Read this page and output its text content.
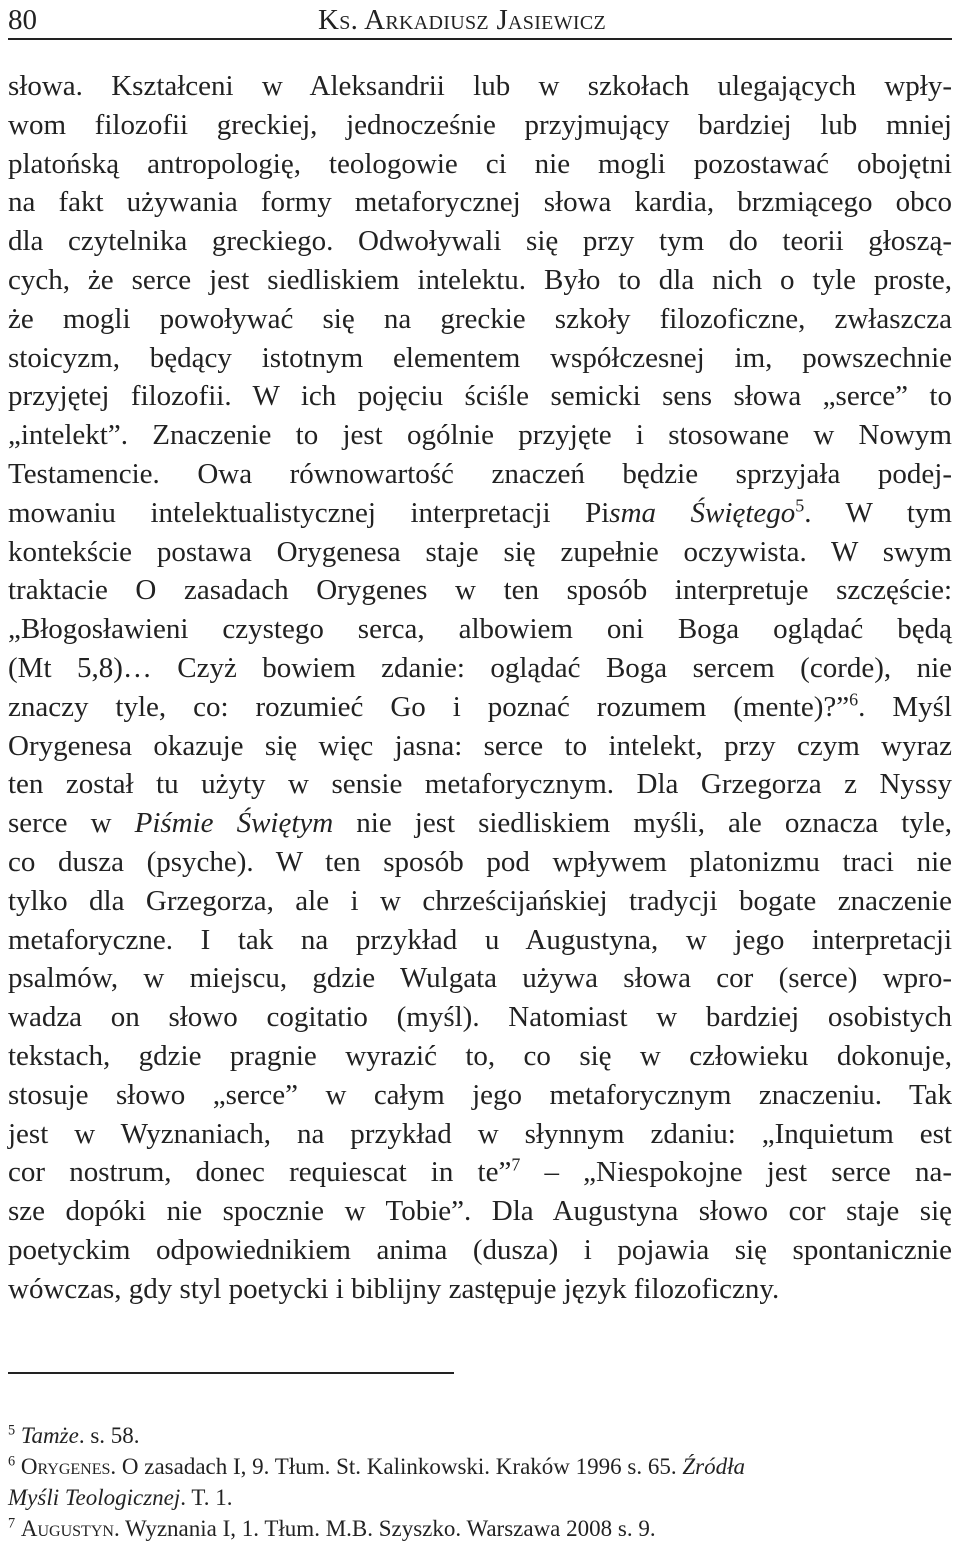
80	Ks. Arkadiusz Jasiewicz
słowa. Kształceni w Aleksandrii lub w szkołach ulegających wpły-
wom filozofii greckiej, jednocześnie przyjmujący bardziej lub mniej
platońską antropologię, teologowie ci nie mogli pozostawać obojętni
na fakt używania formy metaforycznej słowa kardia, brzmiącego obco
dla czytelnika greckiego. Odwoływali się przy tym do teorii głoszą-
cych, że serce jest siedliskiem intelektu. Było to dla nich o tyle proste,
że mogli powoływać się na greckie szkoły filozoficzne, zwłaszcza
stoicyzm, będący istotnym elementem współczesnej im, powszechnie
przyjętej filozofii. W ich pojęciu ściśle semicki sens słowa „serce” to
„intelekt”. Znaczenie to jest ogólnie przyjęte i stosowane w Nowym
Testamencie. Owa równowartość znaczeń będzie sprzyjała podej-
mowaniu intelektualistycznej interpretacji Pisma Świętego$^5$. W tym
kontekście postawa Orygenesa staje się zupełnie oczywista. W swym
traktacie O zasadach Orygenes w ten sposób interpretuje szczęście:
„Błogosławieni czystego serca, albowiem oni Boga oglądać będą
(Mt 5,8)… Czyż bowiem zdanie: oglądać Boga sercem (corde), nie
znaczy tyle, co: rozumieć Go i poznać rozumem (mente)?”$^6$. Myśl
Orygenesa okazuje się więc jasna: serce to intelekt, przy czym wyraz
ten został tu użyty w sensie metaforycznym. Dla Grzegorza z Nyssy
serce w Piśmie Świętym nie jest siedliskiem myśli, ale oznacza tyle,
co dusza (psyche). W ten sposób pod wpływem platonizmu traci nie
tylko dla Grzegorza, ale i w chrześcijańskiej tradycji bogate znaczenie
metaforyczne. I tak na przykład u Augustyna, w jego interpretacji
psalmów, w miejscu, gdzie Wulgata używa słowa cor (serce) wpro-
wadza on słowo cogitatio (myśl). Natomiast w bardziej osobistych
tekstach, gdzie pragnie wyrazić to, co się w człowieku dokonuje,
stosuje słowo „serce” w całym jego metaforycznym znaczeniu. Tak
jest w Wyznaniach, na przykład w słynnym zdaniu: „Inquietum est
cor nostrum, donec requiescat in te”$^7$ – „Niespokojne jest serce na-
sze dopóki nie spocznie w Tobie”. Dla Augustyna słowo cor staje się
poetyckim odpowiednikiem anima (dusza) i pojawia się spontanicznie
wówczas, gdy styl poetycki i biblijny zastępuje język filozoficzny.
$^5$ Tamże. s. 58.
$^6$ Orygenes. O zasadach I, 9. Tłum. St. Kalinkowski. Kraków 1996 s. 65. Źródła
Myśli Teologicznej. T. 1.
$^7$ Augustyn. Wyznania I, 1. Tłum. M.B. Szyszko. Warszawa 2008 s. 9.
